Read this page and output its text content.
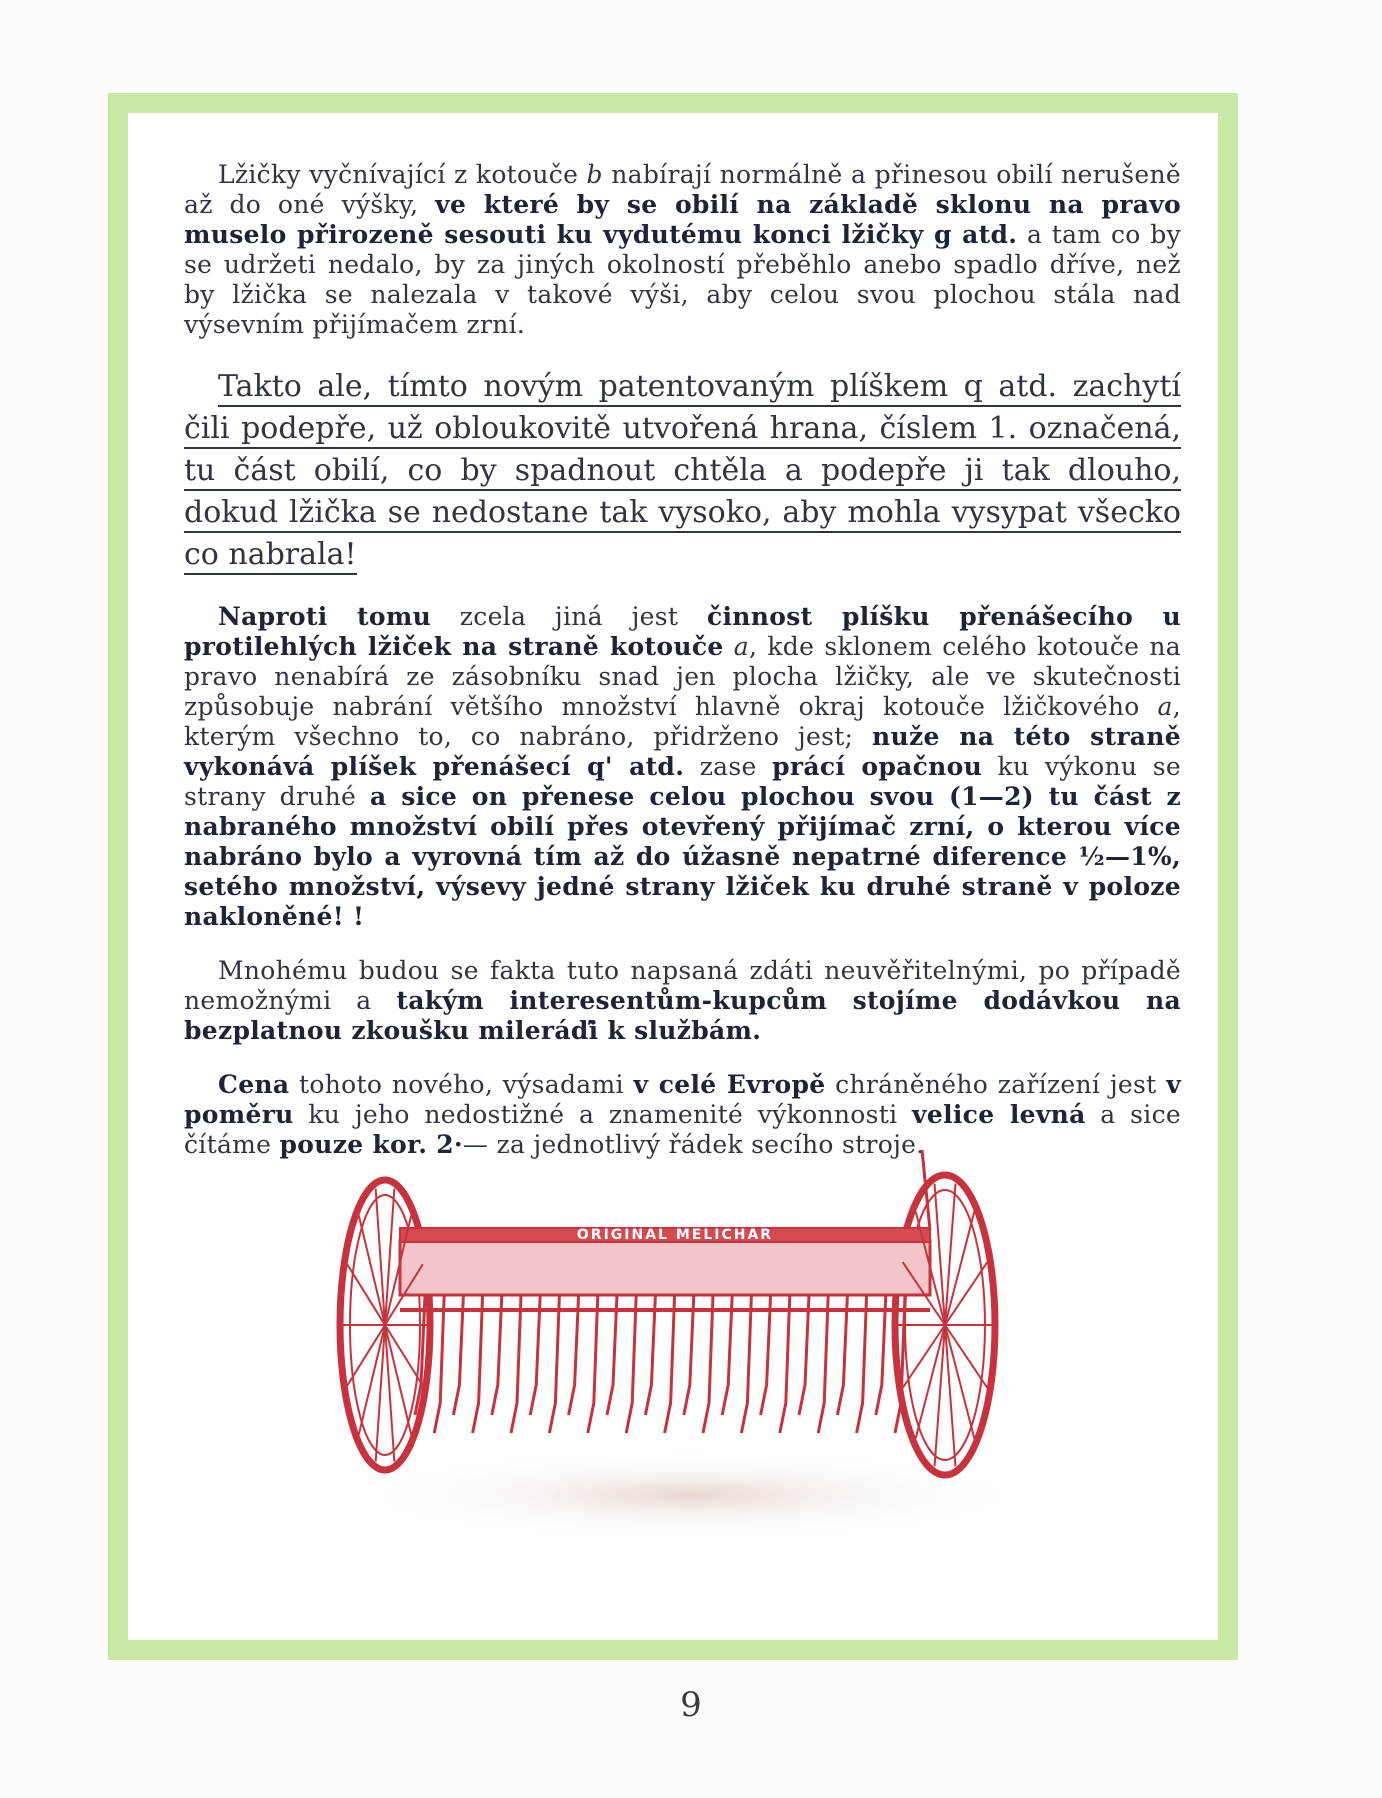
Lžičky vyčnívající z kotouče b nabírají normálně a přinesou obilí nerušeně až do oné výšky, ve které by se obilí na základě sklonu na pravo muselo přirozeně sesouti ku vydutému konci lžičky g atd. a tam co by se udržeti nedalo, by za jiných okolností přeběhlo anebo spadlo dříve, než by lžička se nalezala v takové výši, aby celou svou plochou stála nad výsevním přijímačem zrní.

Takto ale, tímto novým patentovaným plíškem q atd. zachytí čili podepře, už obloukovitě utvořená hrana, číslem 1. označená, tu část obilí, co by spadnout chtěla a podepře ji tak dlouho, dokud lžička se nedostane tak vysoko, aby mohla vysypat všecko co nabrala!

Naproti tomu zcela jiná jest činnost plíšku přenášecího u protilehlých lžiček na straně kotouče a, kde sklonem celého kotouče na pravo nenabírá ze zásobníku snad jen plocha lžičky, ale ve skutečnosti způsobuje nabrání většího množství hlavně okraj kotouče lžičkového a, kterým všechno to, co nabráno, přidrženo jest; nuže na této straně vykonává plíšek přenášecí q' atd. zase prácí opačnou ku výkonu se strany druhé a sice on přenese celou plochou svou (1—2) tu část z nabraného množství obilí přes otevřený přijímač zrní, o kterou více nabráno bylo a vyrovná tím až do úžasně nepatrné diference ½—1%, setého množství, výsevy jedné strany lžiček ku druhé straně v poloze nakloněné! !

Mnohému budou se fakta tuto napsaná zdáti neuvěřitelnými, po případě nemožnými a takým interesentům-kupcům stojíme dodávkou na bezplatnou zkoušku mileráďi k službám.

Cena tohoto nového, výsadami v celé Evropě chráněného zařízení jest v poměru ku jeho nedostižné a znamenité výkonnosti velice levná a sice čítáme pouze kor. 2·— za jednotlivý řádek secího stroje.

ORIGINAL MELICHAR
9
